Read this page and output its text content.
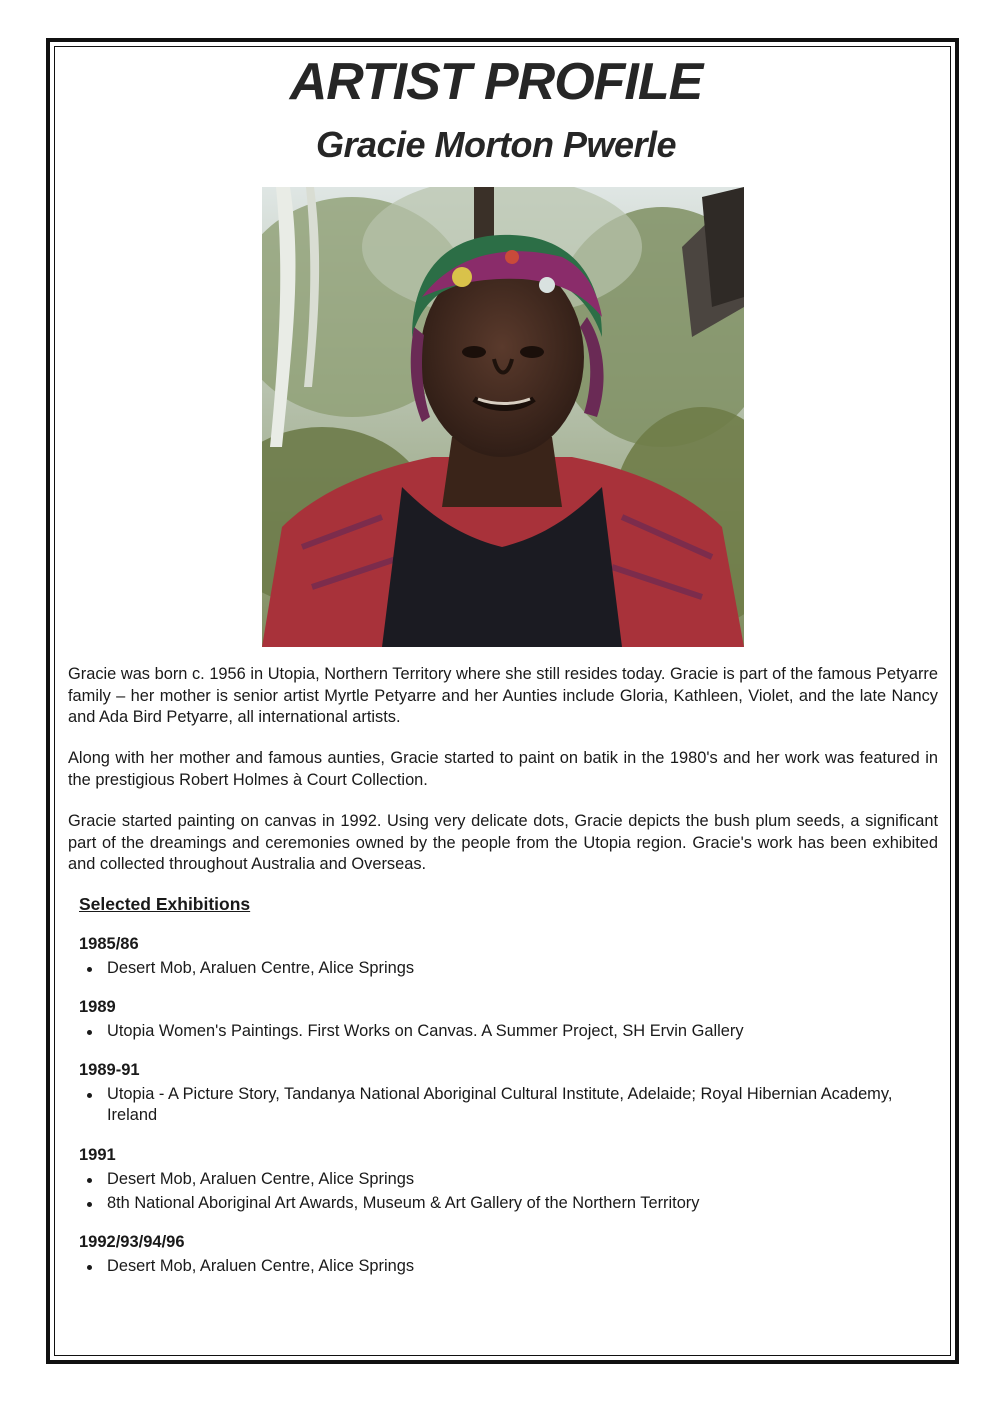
ARTIST PROFILE
Gracie Morton Pwerle

Gracie was born c. 1956 in Utopia, Northern Territory where she still resides today. Gracie is part of the famous Petyarre family – her mother is senior artist Myrtle Petyarre and her Aunties include Gloria, Kathleen, Violet, and the late Nancy and Ada Bird Petyarre, all international artists.

Along with her mother and famous aunties, Gracie started to paint on batik in the 1980's and her work was featured in the prestigious Robert Holmes à Court Collection.

Gracie started painting on canvas in 1992. Using very delicate dots, Gracie depicts the bush plum seeds, a significant part of the dreamings and ceremonies owned by the people from the Utopia region. Gracie's work has been exhibited and collected throughout Australia and Overseas.

Selected Exhibitions

1985/86

Desert Mob, Araluen Centre, Alice Springs

1989

Utopia Women's Paintings. First Works on Canvas. A Summer Project, SH Ervin Gallery

1989-91

Utopia - A Picture Story, Tandanya National Aboriginal Cultural Institute, Adelaide; Royal Hibernian Academy, Ireland

1991

Desert Mob, Araluen Centre, Alice Springs
8th National Aboriginal Art Awards, Museum & Art Gallery of the Northern Territory

1992/93/94/96

Desert Mob, Araluen Centre, Alice Springs
